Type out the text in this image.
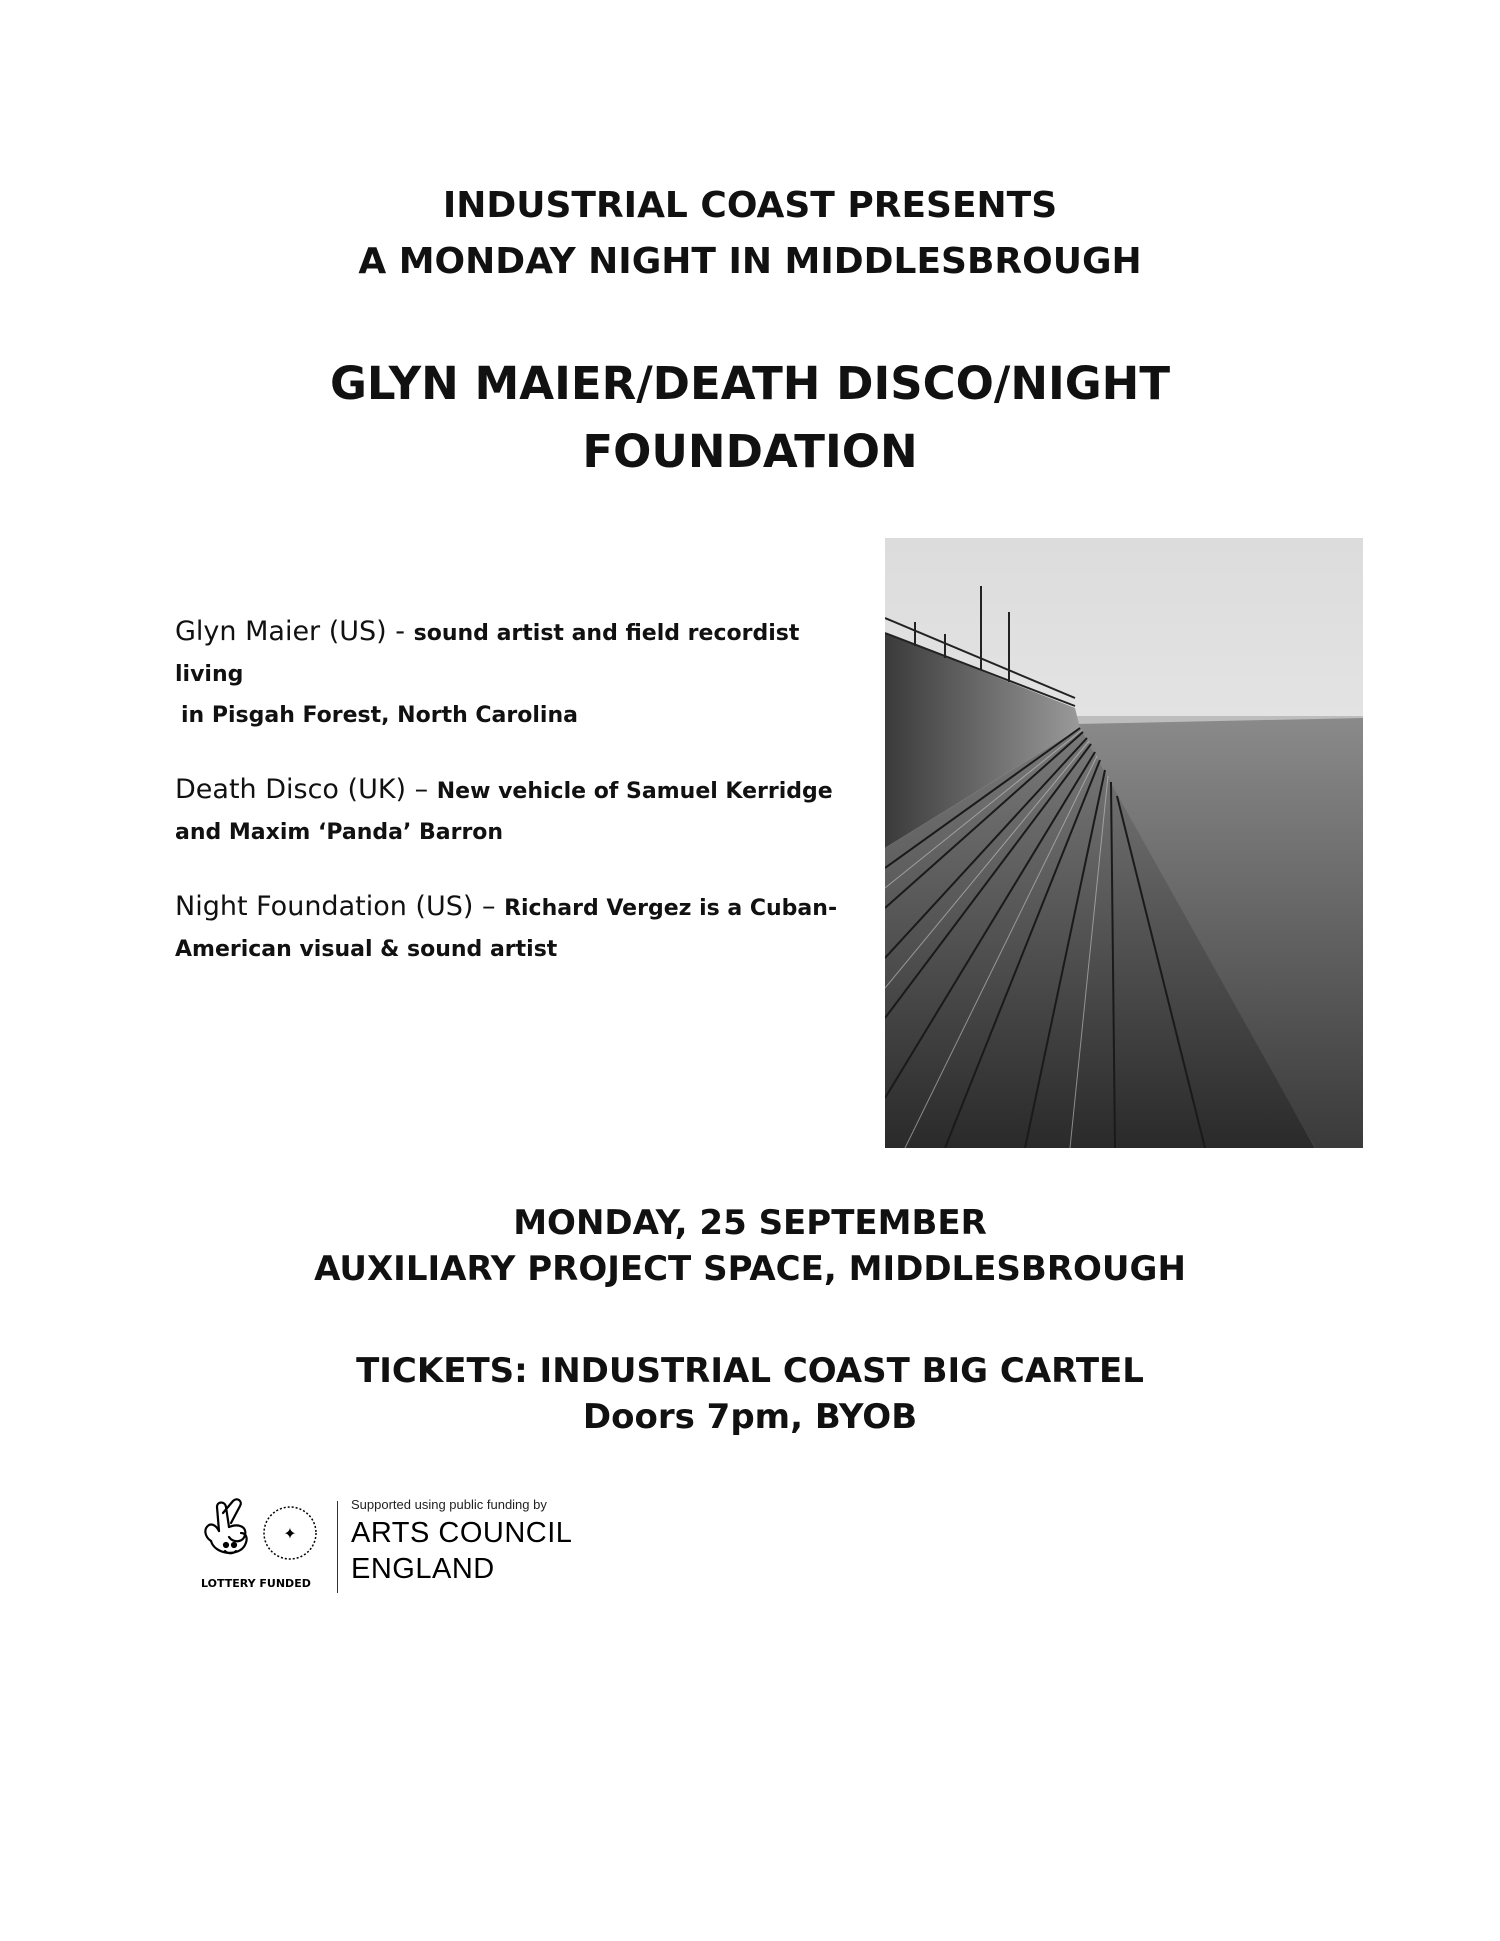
INDUSTRIAL COAST PRESENTS
A MONDAY NIGHT IN MIDDLESBROUGH
GLYN MAIER/DEATH DISCO/NIGHT
FOUNDATION

Glyn Maier (US) - sound artist and field recordist living

in Pisgah Forest, North Carolina

Death Disco (UK) – New vehicle of Samuel Kerridge

and Maxim ‘Panda’ Barron

Night Foundation (US) – Richard Vergez is a Cuban-

American visual & sound artist

MONDAY, 25 SEPTEMBER
AUXILIARY PROJECT SPACE, MIDDLESBROUGH
TICKETS: INDUSTRIAL COAST BIG CARTEL
Doors 7pm, BYOB
✦
LOTTERY FUNDED
Supported using public funding by
ARTS COUNCIL
ENGLAND
